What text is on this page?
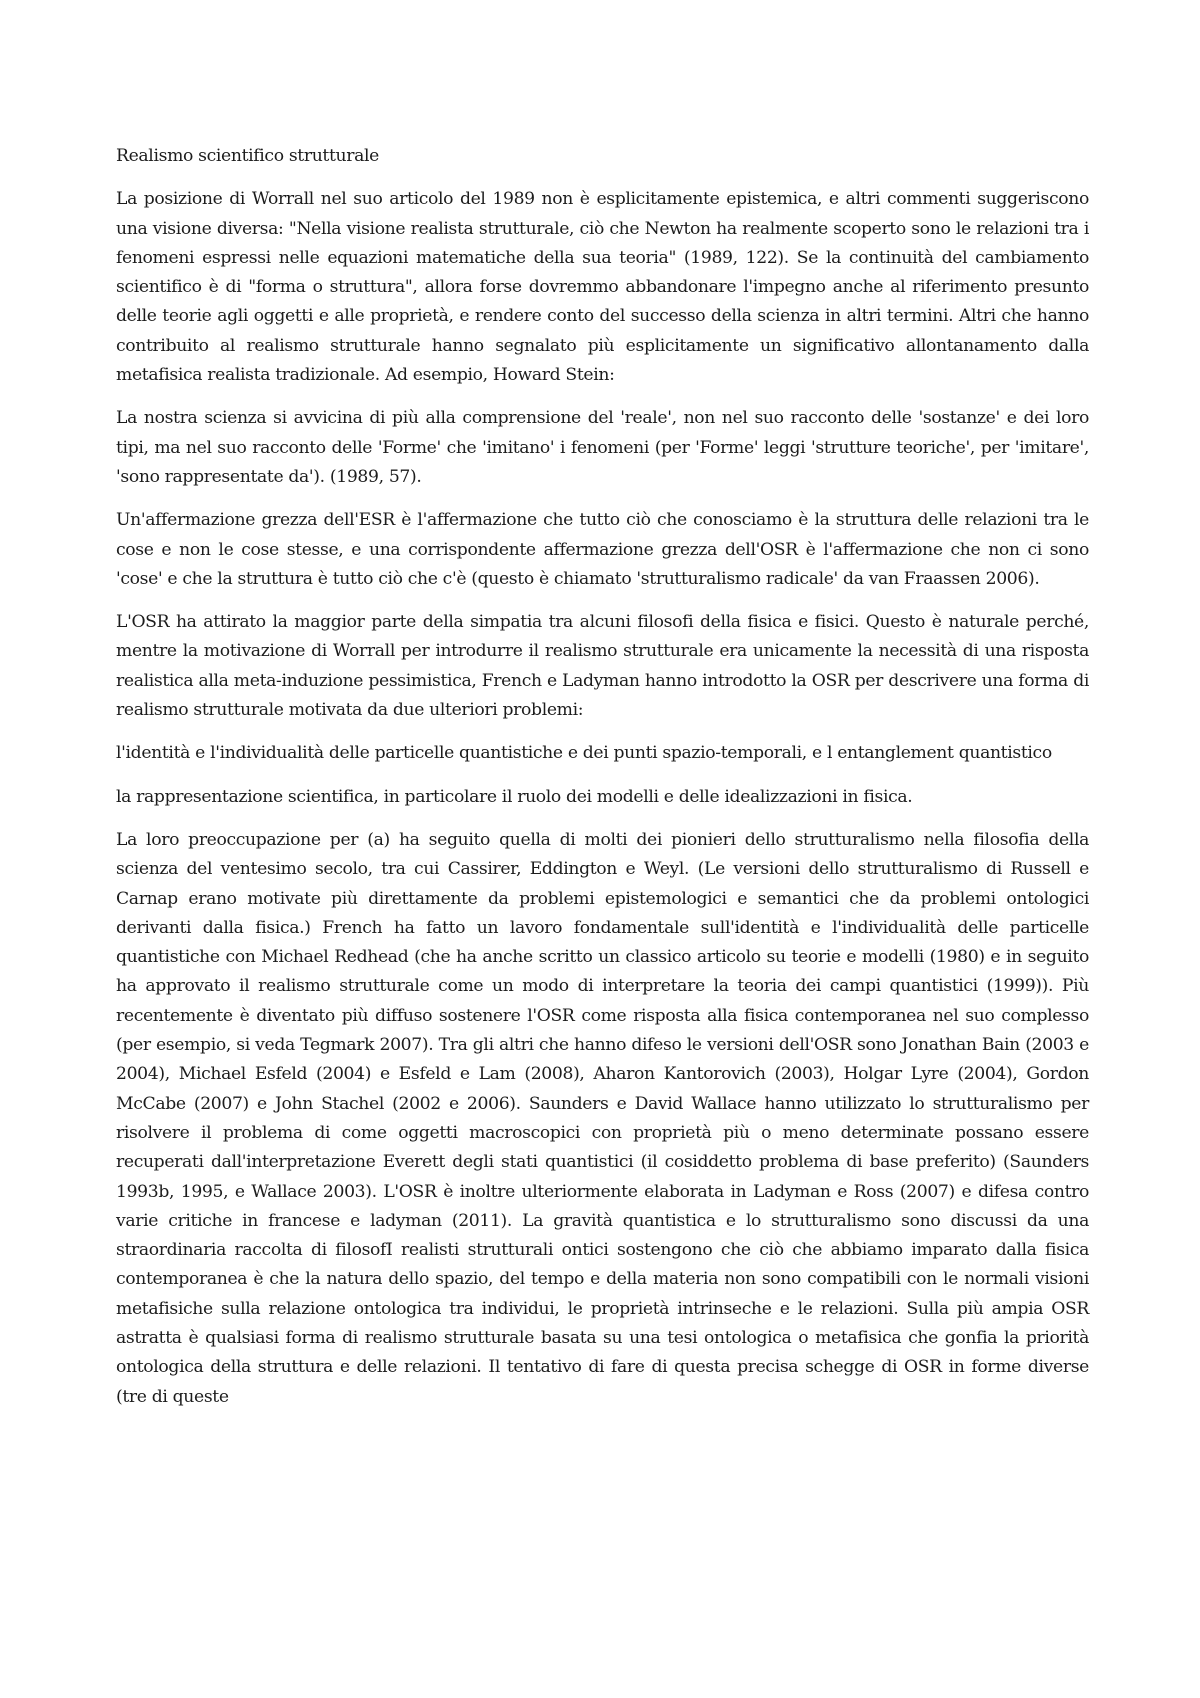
Realismo scientifico strutturale

La posizione di Worrall nel suo articolo del 1989 non è esplicitamente epistemica, e altri commenti suggeriscono una visione diversa: "Nella visione realista strutturale, ciò che Newton ha realmente scoperto sono le relazioni tra i fenomeni espressi nelle equazioni matematiche della sua teoria" (1989, 122). Se la continuità del cambiamento scientifico è di "forma o struttura", allora forse dovremmo abbandonare l'impegno anche al riferimento presunto delle teorie agli oggetti e alle proprietà, e rendere conto del successo della scienza in altri termini. Altri che hanno contribuito al realismo strutturale hanno segnalato più esplicitamente un significativo allontanamento dalla metafisica realista tradizionale. Ad esempio, Howard Stein:

La nostra scienza si avvicina di più alla comprensione del 'reale', non nel suo racconto delle 'sostanze' e dei loro tipi, ma nel suo racconto delle 'Forme' che 'imitano' i fenomeni (per 'Forme' leggi 'strutture teoriche', per 'imitare', 'sono rappresentate da'). (1989, 57).

Un'affermazione grezza dell'ESR è l'affermazione che tutto ciò che conosciamo è la struttura delle relazioni tra le cose e non le cose stesse, e una corrispondente affermazione grezza dell'OSR è l'affermazione che non ci sono 'cose' e che la struttura è tutto ciò che c'è (questo è chiamato 'strutturalismo radicale' da van Fraassen 2006).

L'OSR ha attirato la maggior parte della simpatia tra alcuni filosofi della fisica e fisici. Questo è naturale perché, mentre la motivazione di Worrall per introdurre il realismo strutturale era unicamente la necessità di una risposta realistica alla meta-induzione pessimistica, French e Ladyman hanno introdotto la OSR per descrivere una forma di realismo strutturale motivata da due ulteriori problemi:

l'identità e l'individualità delle particelle quantistiche e dei punti spazio-temporali, e l entanglement quantistico

la rappresentazione scientifica, in particolare il ruolo dei modelli e delle idealizzazioni in fisica.

La loro preoccupazione per (a) ha seguito quella di molti dei pionieri dello strutturalismo nella filosofia della scienza del ventesimo secolo, tra cui Cassirer, Eddington e Weyl. (Le versioni dello strutturalismo di Russell e Carnap erano motivate più direttamente da problemi epistemologici e semantici che da problemi ontologici derivanti dalla fisica.) French ha fatto un lavoro fondamentale sull'identità e l'individualità delle particelle quantistiche con Michael Redhead (che ha anche scritto un classico articolo su teorie e modelli (1980) e in seguito ha approvato il realismo strutturale come un modo di interpretare la teoria dei campi quantistici (1999)). Più recentemente è diventato più diffuso sostenere l'OSR come risposta alla fisica contemporanea nel suo complesso (per esempio, si veda Tegmark 2007). Tra gli altri che hanno difeso le versioni dell'OSR sono Jonathan Bain (2003 e 2004), Michael Esfeld (2004) e Esfeld e Lam (2008), Aharon Kantorovich (2003), Holgar Lyre (2004), Gordon McCabe (2007) e John Stachel (2002 e 2006). Saunders e David Wallace hanno utilizzato lo strutturalismo per risolvere il problema di come oggetti macroscopici con proprietà più o meno determinate possano essere recuperati dall'interpretazione Everett degli stati quantistici (il cosiddetto problema di base preferito) (Saunders 1993b, 1995, e Wallace 2003). L'OSR è inoltre ulteriormente elaborata in Ladyman e Ross (2007) e difesa contro varie critiche in francese e ladyman (2011). La gravità quantistica e lo strutturalismo sono discussi da una straordinaria raccolta di filosofI realisti strutturali ontici sostengono che ciò che abbiamo imparato dalla fisica contemporanea è che la natura dello spazio, del tempo e della materia non sono compatibili con le normali visioni metafisiche sulla relazione ontologica tra individui, le proprietà intrinseche e le relazioni. Sulla più ampia OSR astratta è qualsiasi forma di realismo strutturale basata su una tesi ontologica o metafisica che gonfia la priorità ontologica della struttura e delle relazioni. Il tentativo di fare di questa precisa schegge di OSR in forme diverse (tre di queste
